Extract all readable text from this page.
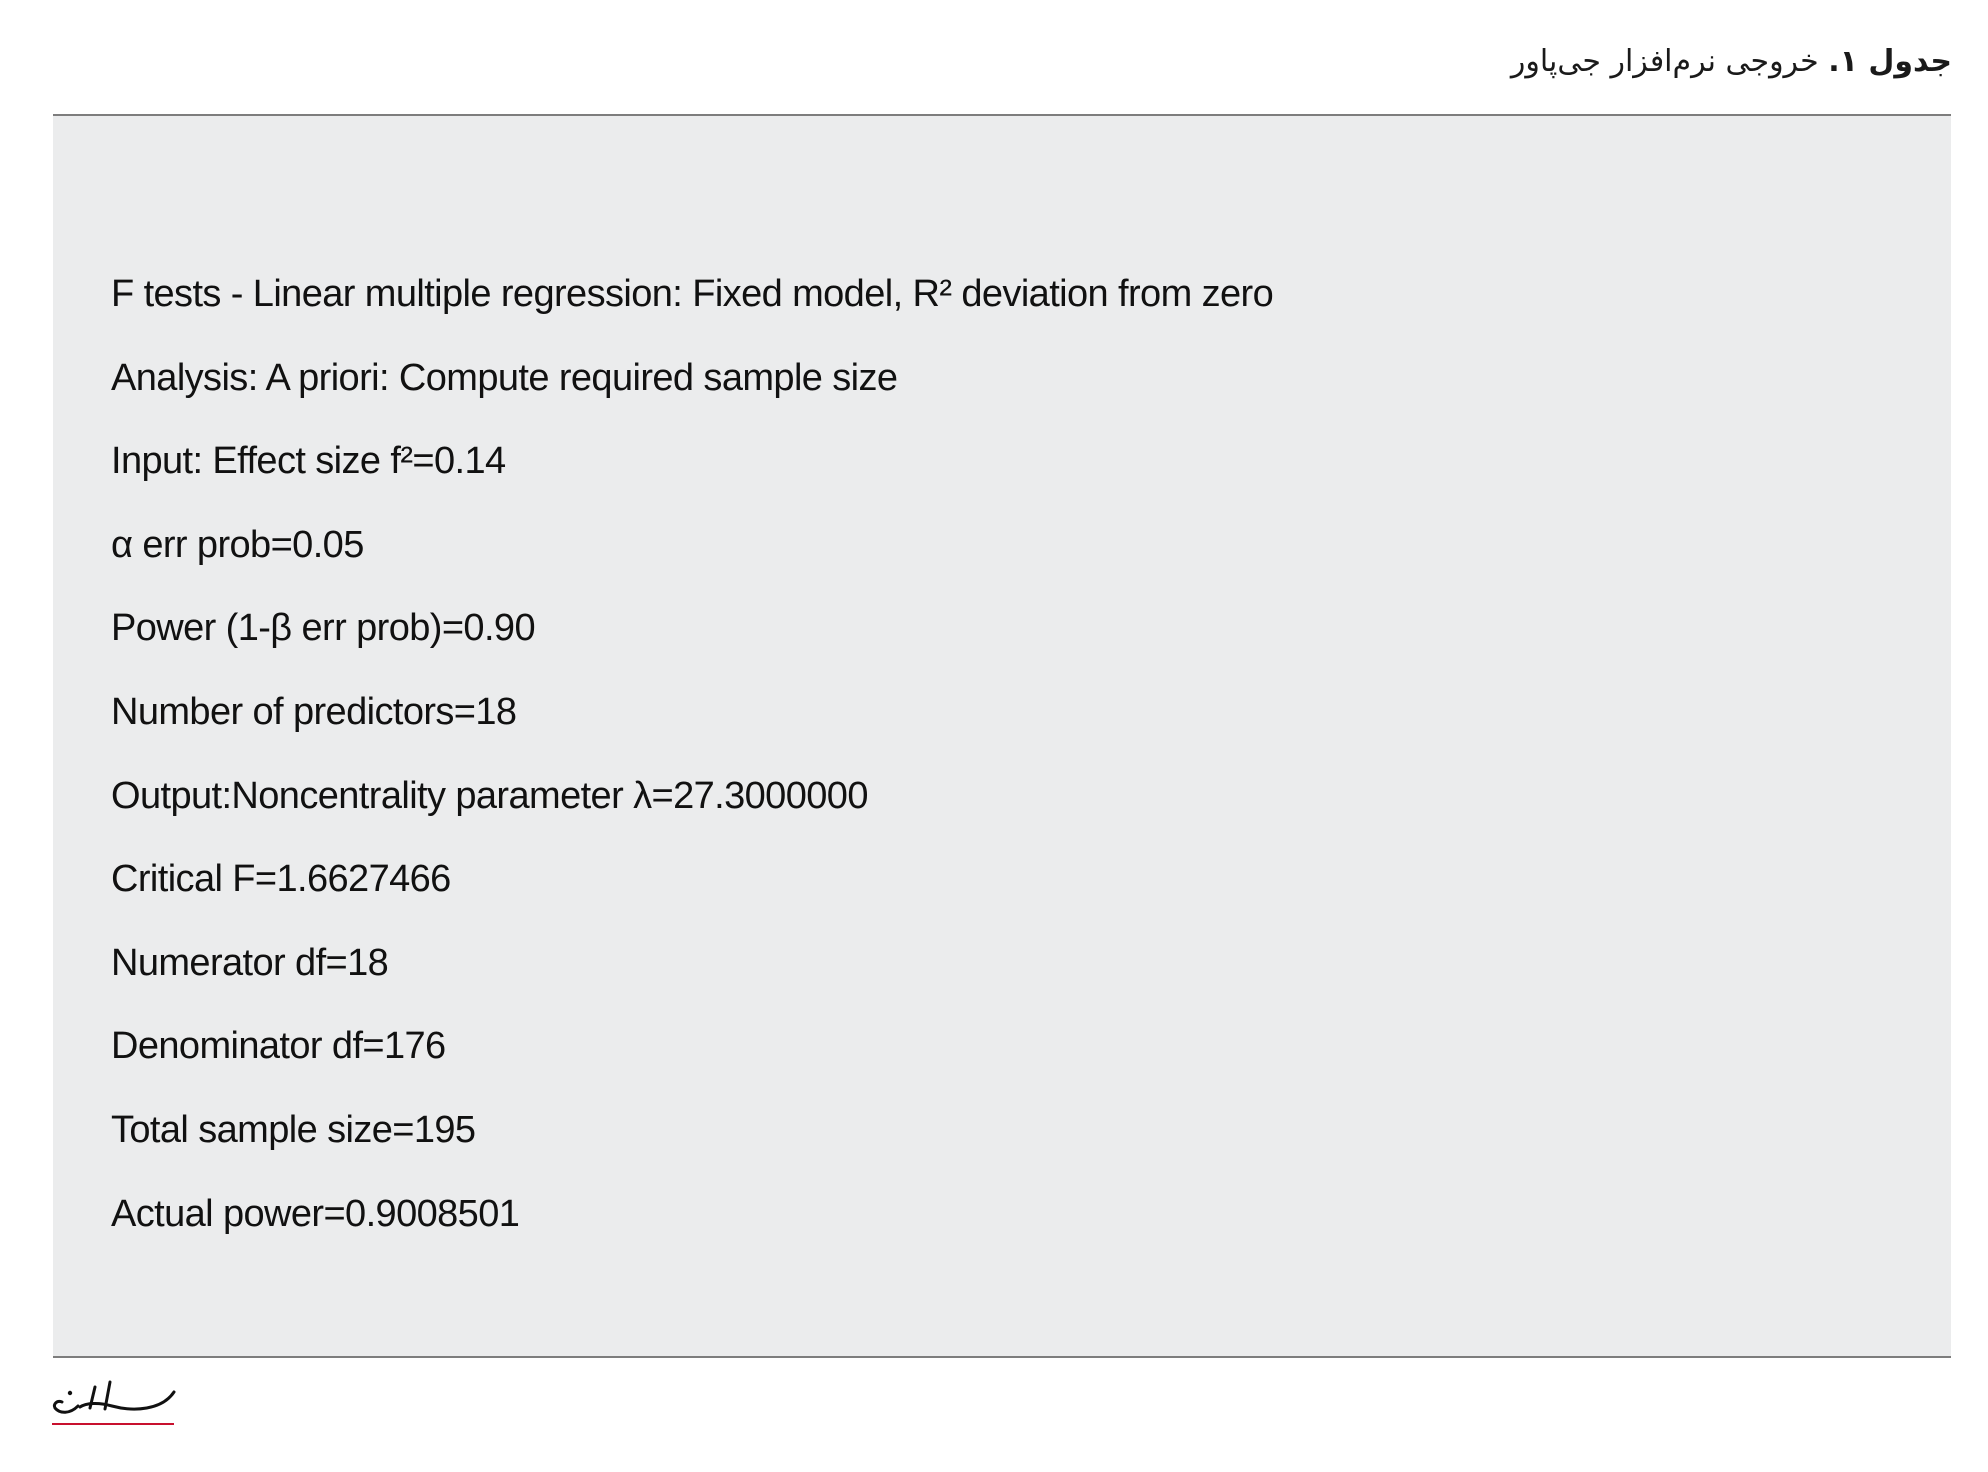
جدول ۱. خروجی نرم‌افزار جی‌پاور
F tests - Linear multiple regression: Fixed model, R² deviation from zero
Analysis: A priori: Compute required sample size
Input: Effect size f²=0.14
α err prob=0.05
Power (1-β err prob)=0.90
Number of predictors=18
Output:Noncentrality parameter λ=27.3000000
Critical F=1.6627466
Numerator df=18
Denominator df=176
Total sample size=195
Actual power=0.9008501
